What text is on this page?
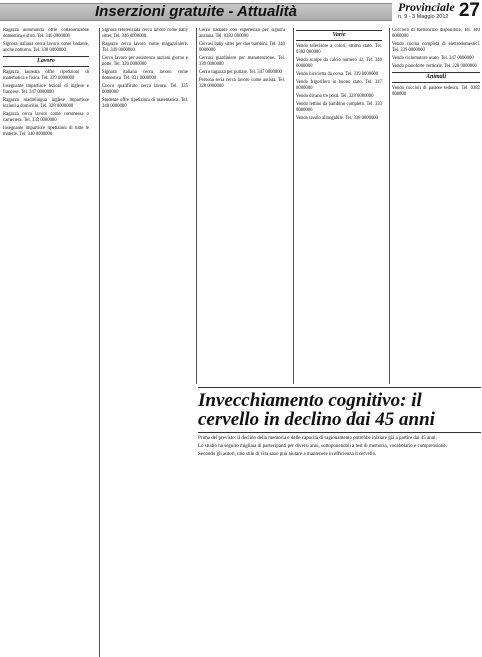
Inserzioni gratuite - Attualità	Provinciale
n. 9 - 3 Maggio 2012 27

Ragazza automunita offre collaborazione domestica e stiro. Tel. 340 0000000

Signora italiana cerca lavoro come badante, anche notturna. Tel. 338 0000000

Lavoro

Ragazza laureata offre ripetizioni di matematica e fisica. Tel. 339 0000000

Insegnante impartisce lezioni di inglese e francese. Tel. 347 0000000

Ragazza madrelingua inglese impartisce lezioni a domicilio. Tel. 328 0000000

Ragazza cerca lavoro come commessa o cameriera. Tel. 333 0000000

Insegnante impartisce ripetizioni di tutte le materie. Tel. 340 0000000

Signora referenziata cerca lavoro come baby sitter. Tel. 346 0000000

Ragazzo cerca lavoro come magazziniere. Tel. 349 0000000

Cerco lavoro per assistenza anziani giorno e notte. Tel. 320 0000000

Signora italiana cerca lavoro come domestica. Tel. 331 0000000

Cuoco qualificato cerca lavoro. Tel. 335 0000000

Studente offre ripetizioni di matematica. Tel. 348 0000000

Cerco badante con esperienza per signora anziana. Tel. 0382 000000

Cercasi baby sitter per due bambini. Tel. 340 0000000

Cercasi giardiniere per manutenzione. Tel. 339 0000000

Cerco ragazza per pulizie. Tel. 347 0000000

Persona seria cerca lavoro come autista. Tel. 328 0000000

Varie

Vendo televisore a colori, ottimo stato. Tel. 0382 000000

Vendo scarpe da calcio numero 42. Tel. 340 0000000

Vendo bicicletta da corsa. Tel. 339 0000000

Vendo frigorifero in buono stato. Tel. 347 0000000

Vendo divano tre posti. Tel. 328 0000000

Vendo lettino da bambino completo. Tel. 333 0000000

Vendo tavolo allungabile. Tel. 338 0000000

Cucciolo di barboncino disponibile. Tel. 340 0000000

Vendo cucina completa di elettrodomestici. Tel. 339 0000000

Vendo ciclomotore usato. Tel. 347 0000000

Vendo pianoforte verticale. Tel. 328 0000000

Animali

Vendo cuccioli di pastore tedesco. Tel. 0382 000000

Invecchiamento cognitivo: il cervello in declino dai 45 anni

Prima del previsto: il declino della memoria e delle capacità di ragionamento potrebbe iniziare già a partire dai 45 anni.

Lo studio ha seguito migliaia di partecipanti per diversi anni, sottoponendoli a test di memoria, vocabolario e comprensione.

Secondo gli autori, uno stile di vita sano può aiutare a mantenere in efficienza il cervello.
